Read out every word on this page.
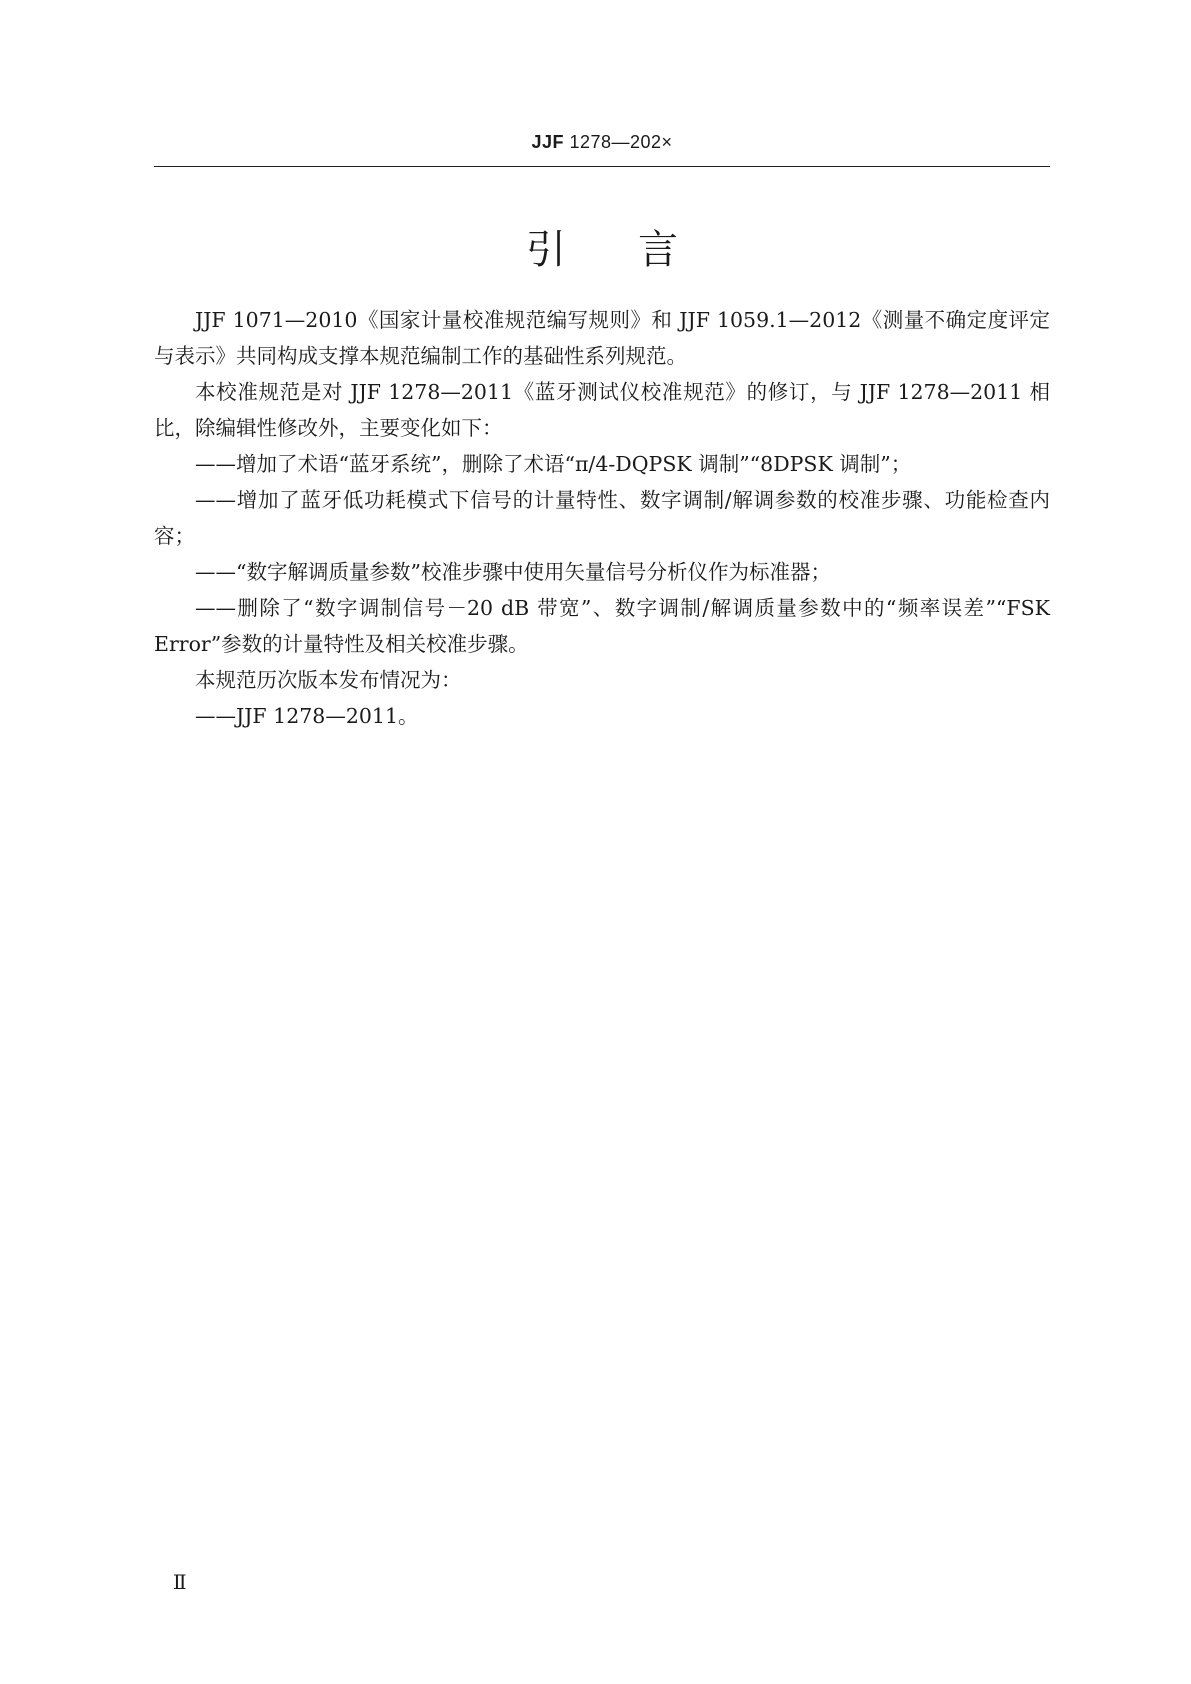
JJF 1278—202×
引言

JJF 1071—2010《国家计量校准规范编写规则》和 JJF 1059.1—2012《测量不确定度评定与表示》共同构成支撑本规范编制工作的基础性系列规范。

本校准规范是对 JJF 1278—2011《蓝牙测试仪校准规范》的修订，与 JJF 1278—2011 相比，除编辑性修改外，主要变化如下：

——增加了术语“蓝牙系统”，删除了术语“π/4-DQPSK 调制”“8DPSK 调制”；

——增加了蓝牙低功耗模式下信号的计量特性、数字调制/解调参数的校准步骤、功能检查内容；

——“数字解调质量参数”校准步骤中使用矢量信号分析仪作为标准器；

——删除了“数字调制信号－20 dB 带宽”、数字调制/解调质量参数中的“频率误差”“FSK Error”参数的计量特性及相关校准步骤。

本规范历次版本发布情况为：

——JJF 1278—2011。

Ⅱ
